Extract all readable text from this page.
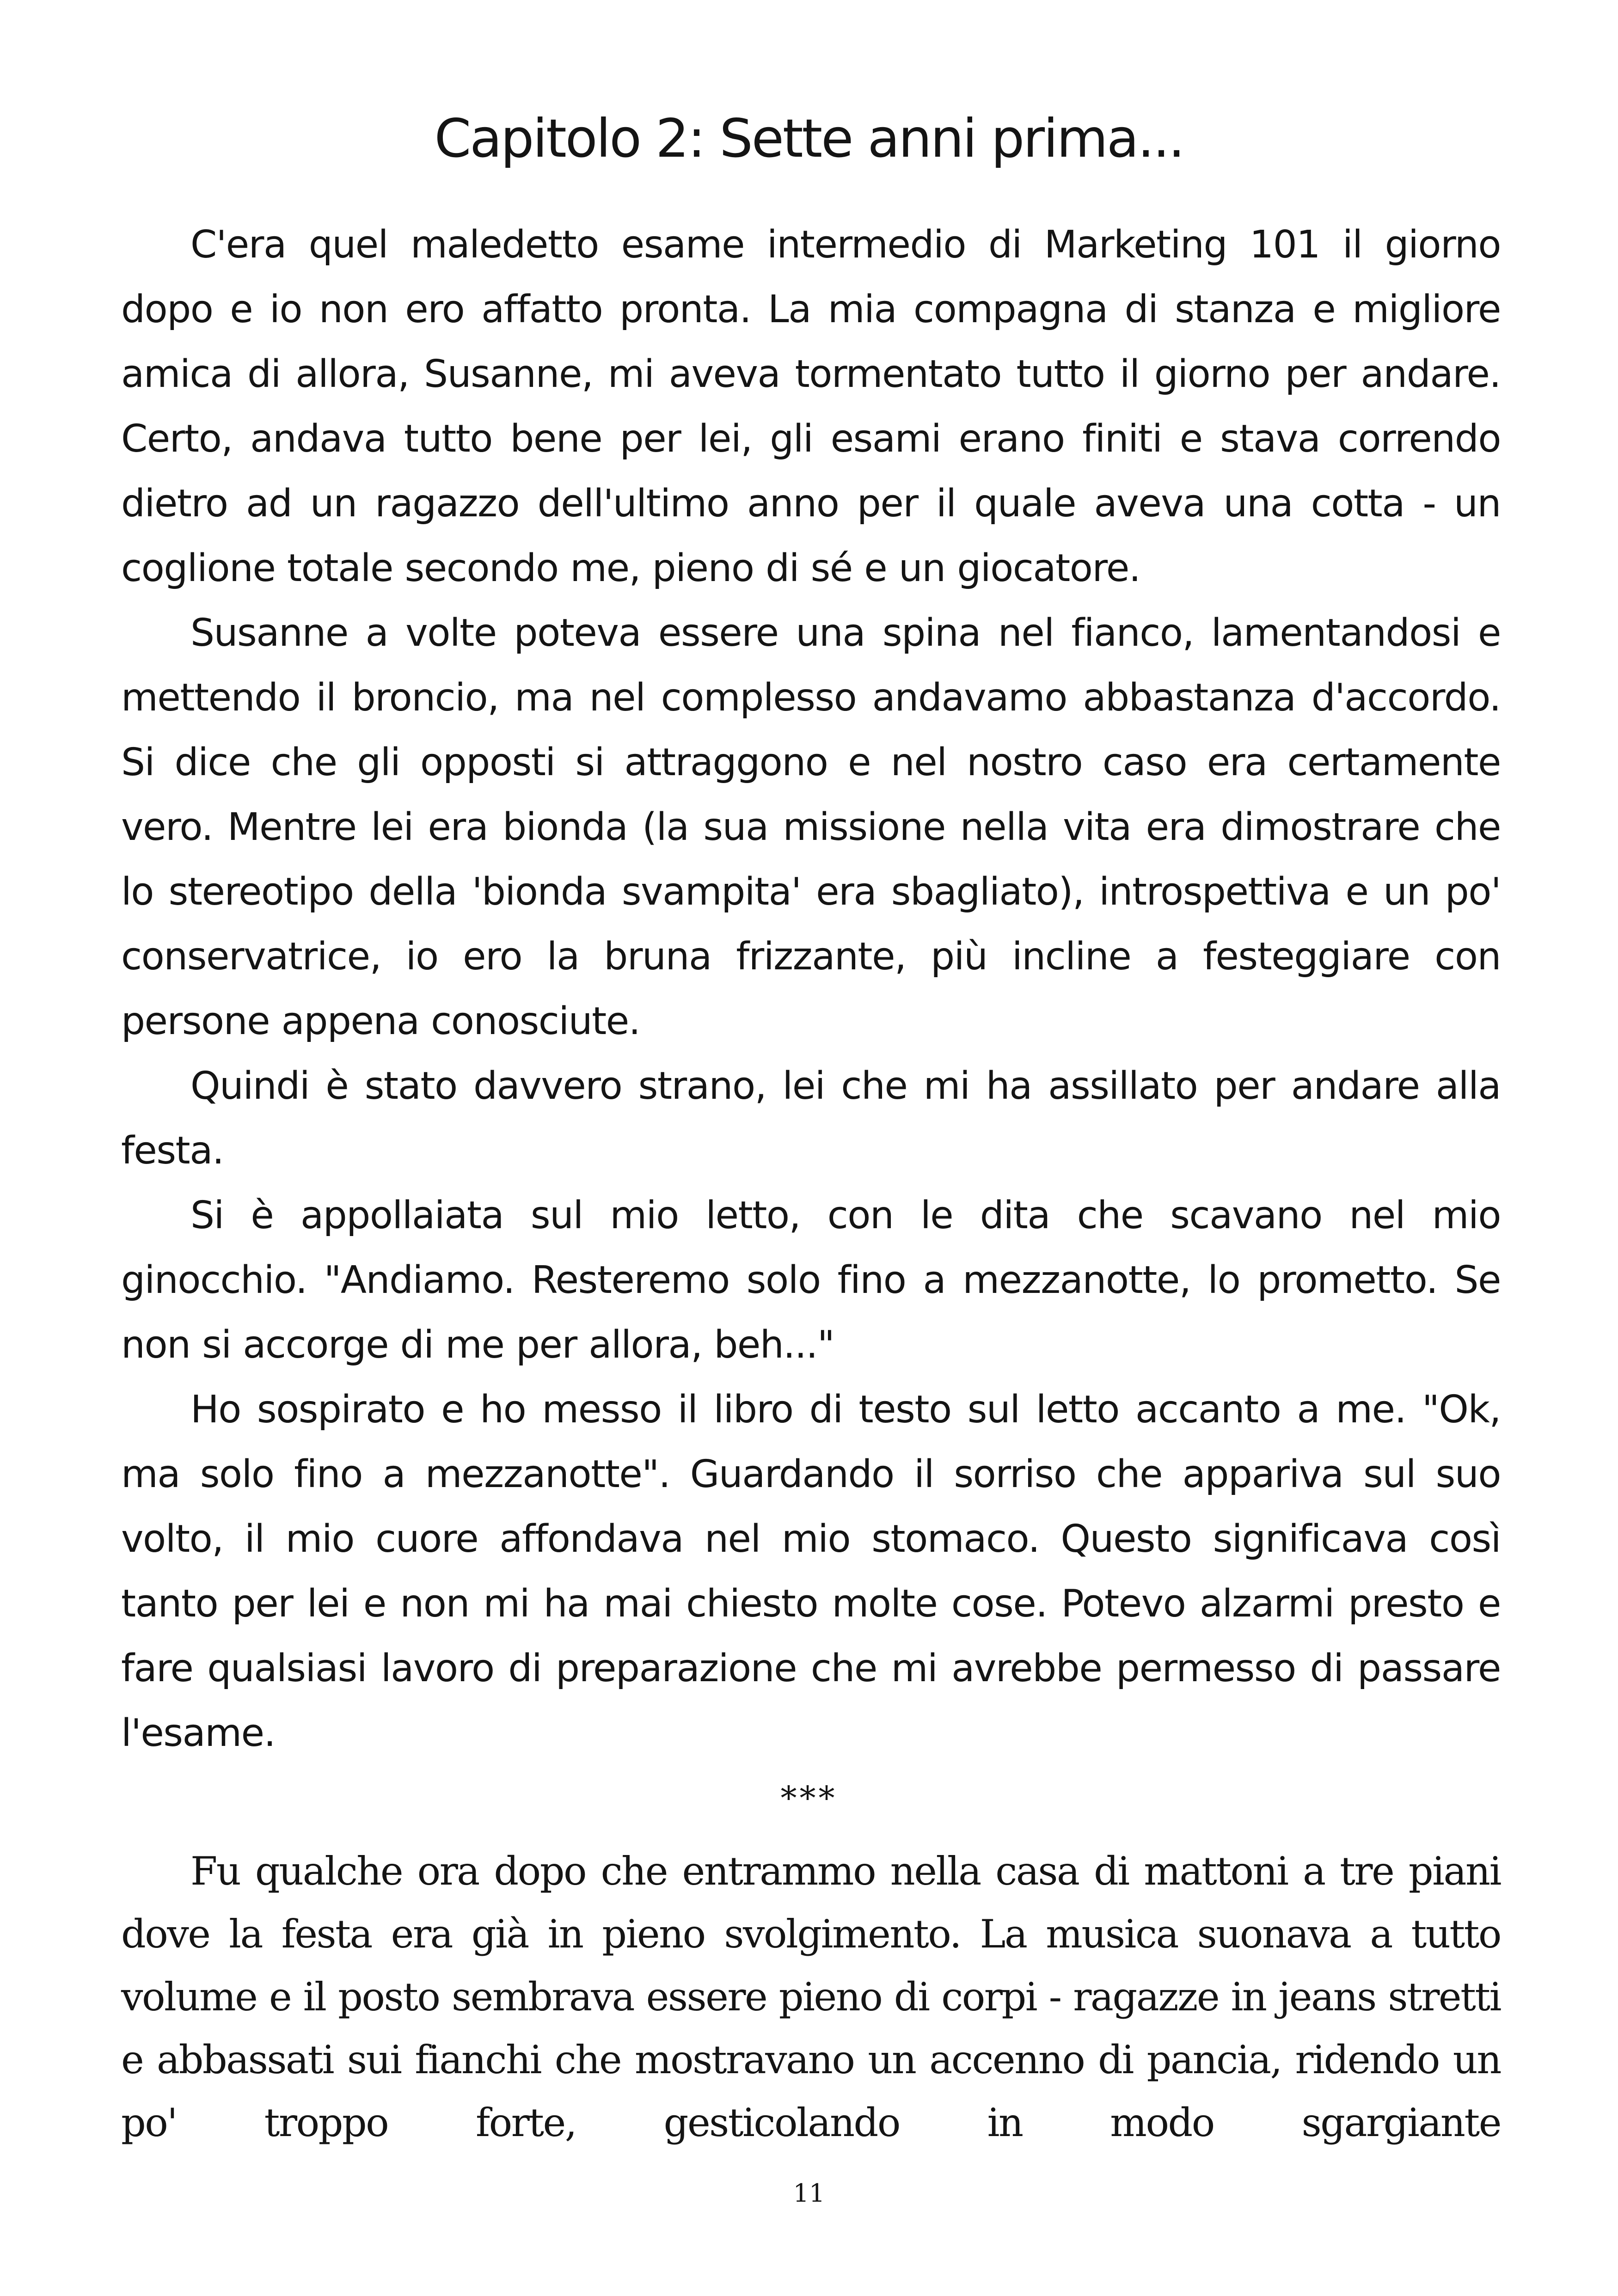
Capitolo 2: Sette anni prima...

C'era quel maledetto esame intermedio di Marketing 101 il giorno dopo e io non ero affatto pronta. La mia compagna di stanza e migliore amica di allora, Susanne, mi aveva tormentato tutto il giorno per andare. Certo, andava tutto bene per lei, gli esami erano finiti e stava correndo dietro ad un ragazzo dell'ultimo anno per il quale aveva una cotta - un coglione totale secondo me, pieno di sé e un giocatore.

Susanne a volte poteva essere una spina nel fianco, lamentandosi e mettendo il broncio, ma nel complesso andavamo abbastanza d'accordo. Si dice che gli opposti si attraggono e nel nostro caso era certamente vero. Mentre lei era bionda (la sua missione nella vita era dimostrare che lo stereotipo della 'bionda svampita' era sbagliato), introspettiva e un po' conservatrice, io ero la bruna frizzante, più incline a festeggiare con persone appena conosciute.

Quindi è stato davvero strano, lei che mi ha assillato per andare alla festa.

Si è appollaiata sul mio letto, con le dita che scavano nel mio ginocchio. "Andiamo. Resteremo solo fino a mezzanotte, lo prometto. Se non si accorge di me per allora, beh..."

Ho sospirato e ho messo il libro di testo sul letto accanto a me. "Ok, ma solo fino a mezzanotte". Guardando il sorriso che appariva sul suo volto, il mio cuore affondava nel mio stomaco. Questo significava così tanto per lei e non mi ha mai chiesto molte cose. Potevo alzarmi presto e fare qualsiasi lavoro di preparazione che mi avrebbe permesso di passare l'esame.

***

Fu qualche ora dopo che entrammo nella casa di mattoni a tre piani dove la festa era già in pieno svolgimento. La musica suonava a tutto volume e il posto sembrava essere pieno di corpi - ragazze in jeans stretti e abbassati sui fianchi che mostravano un accenno di pancia, ridendo un po' troppo forte, gesticolando in modo sgargiante

11
